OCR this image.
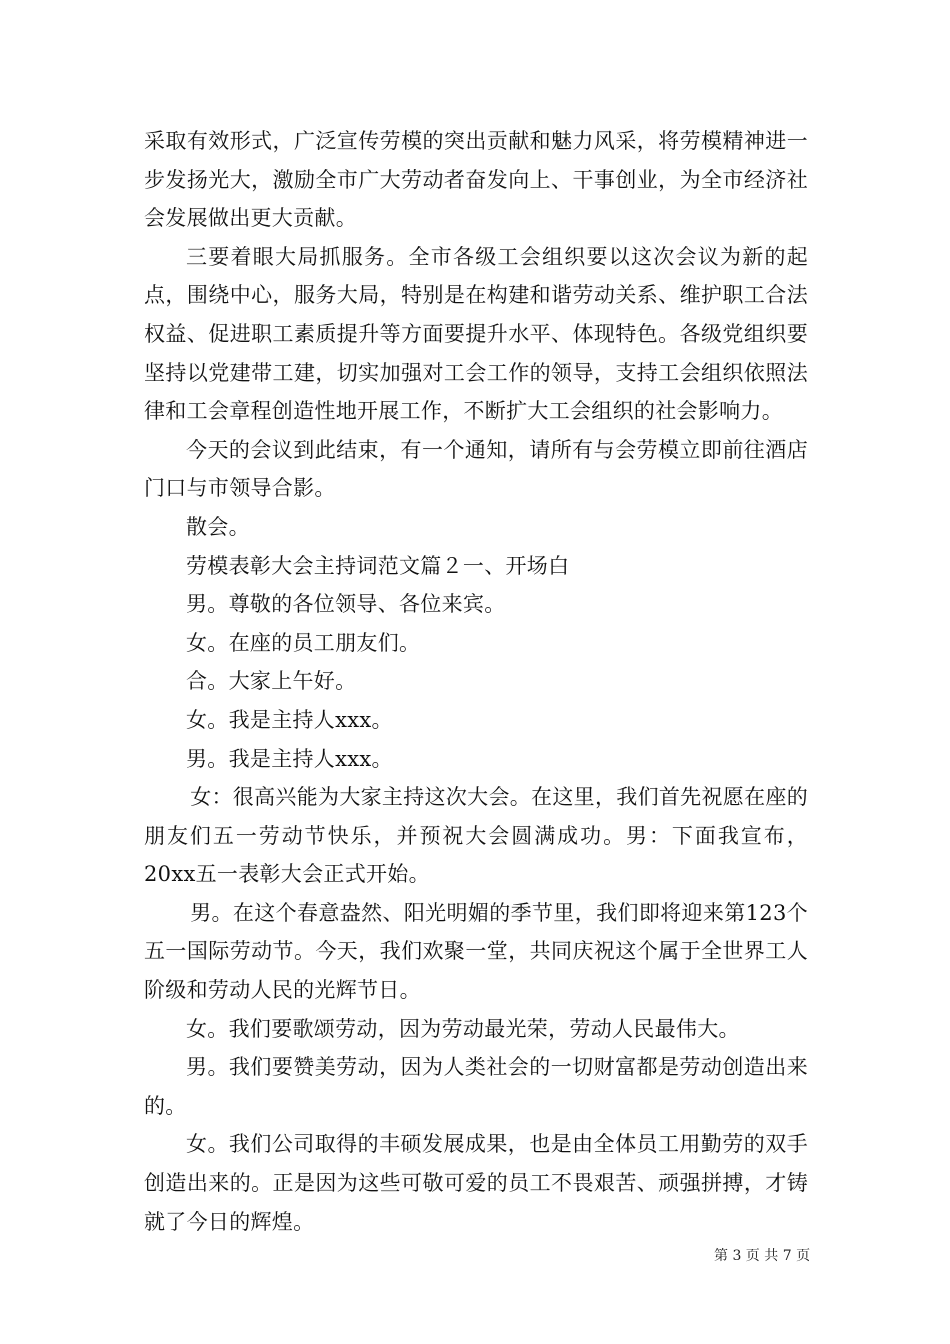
采取有效形式，广泛宣传劳模的突出贡献和魅力风采，将劳模精神进一步发扬光大，激励全市广大劳动者奋发向上、干事创业，为全市经济社会发展做出更大贡献。

三要着眼大局抓服务。全市各级工会组织要以这次会议为新的起点，围绕中心，服务大局，特别是在构建和谐劳动关系、维护职工合法权益、促进职工素质提升等方面要提升水平、体现特色。各级党组织要坚持以党建带工建，切实加强对工会工作的领导，支持工会组织依照法律和工会章程创造性地开展工作，不断扩大工会组织的社会影响力。

今天的会议到此结束，有一个通知，请所有与会劳模立即前往酒店门口与市领导合影。

散会。

劳模表彰大会主持词范文篇２一、开场白

男。尊敬的各位领导、各位来宾。

女。在座的员工朋友们。

合。大家上午好。

女。我是主持人xxx。

男。我是主持人xxx。

女：很高兴能为大家主持这次大会。在这里，我们首先祝愿在座的朋友们五一劳动节快乐，并预祝大会圆满成功。男：下面我宣布，20xx五一表彰大会正式开始。

男。在这个春意盎然、阳光明媚的季节里，我们即将迎来第123个五一国际劳动节。今天，我们欢聚一堂，共同庆祝这个属于全世界工人阶级和劳动人民的光辉节日。

女。我们要歌颂劳动，因为劳动最光荣，劳动人民最伟大。

男。我们要赞美劳动，因为人类社会的一切财富都是劳动创造出来的。

女。我们公司取得的丰硕发展成果，也是由全体员工用勤劳的双手创造出来的。正是因为这些可敬可爱的员工不畏艰苦、顽强拼搏，才铸就了今日的辉煌。

第 3 页 共 7 页
